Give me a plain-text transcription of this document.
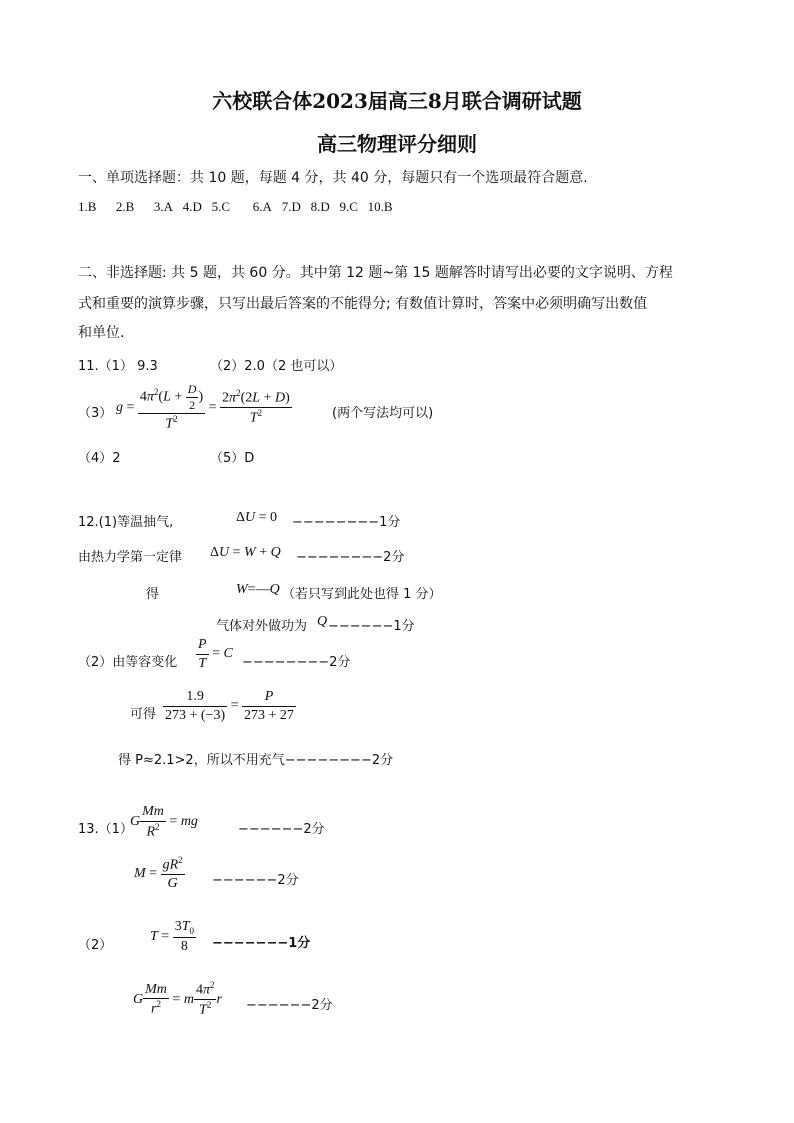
六校联合体2023届高三8月联合调研试题
高三物理评分细则
一、单项选择题：共 10 题，每题 4 分，共 40 分，每题只有一个选项最符合题意.
1.B 2.B 3.A 4.D 5.C 6.A 7.D 8.D 9.C 10.B
二、非选择题: 共 5 题，共 60 分。其中第 12 题~第 15 题解答时请写出必要的文字说明、方程
式和重要的演算步骤，只写出最后答案的不能得分; 有数值计算时，答案中必须明确写出数值
和单位.
11.（1） 9.3	（2）2.0（2 也可以）
（3） $g = \frac{4\pi^2(L + \frac{D}{2} )}{T^2} = \frac{2\pi^2(2L + D)}{T^2}$	(两个写法均可以)
（4）2	（5）D
12.(1)等温抽气,	ΔU = 0 −−−−−−−−1分
由热力学第一定律 ΔU = W + Q −−−−−−−−2分
得	W=—Q （若只写到此处也得 1 分）
气体对外做功为 Q −−−−−−1分
（2）由等容变化 $\frac{P}{T} = C$
−−−−−−−−2分
可得 $\frac{1.9}{273 + (-3)} = \frac{P}{273 + 27}$
得 P≈2.1>2，所以不用充气−−−−−−−−2分
13.（1）
G $\frac{Mm}{R^2}$ = mg
−−−−−−2分
$M = \frac{gR^2}{G} ------2$分
（2）
$T = \frac{3T_0}{8} -------1$分
G $\frac{Mm}{r^2} = m \frac{4\pi^2}{T^2}$ r −−−−−−2分
